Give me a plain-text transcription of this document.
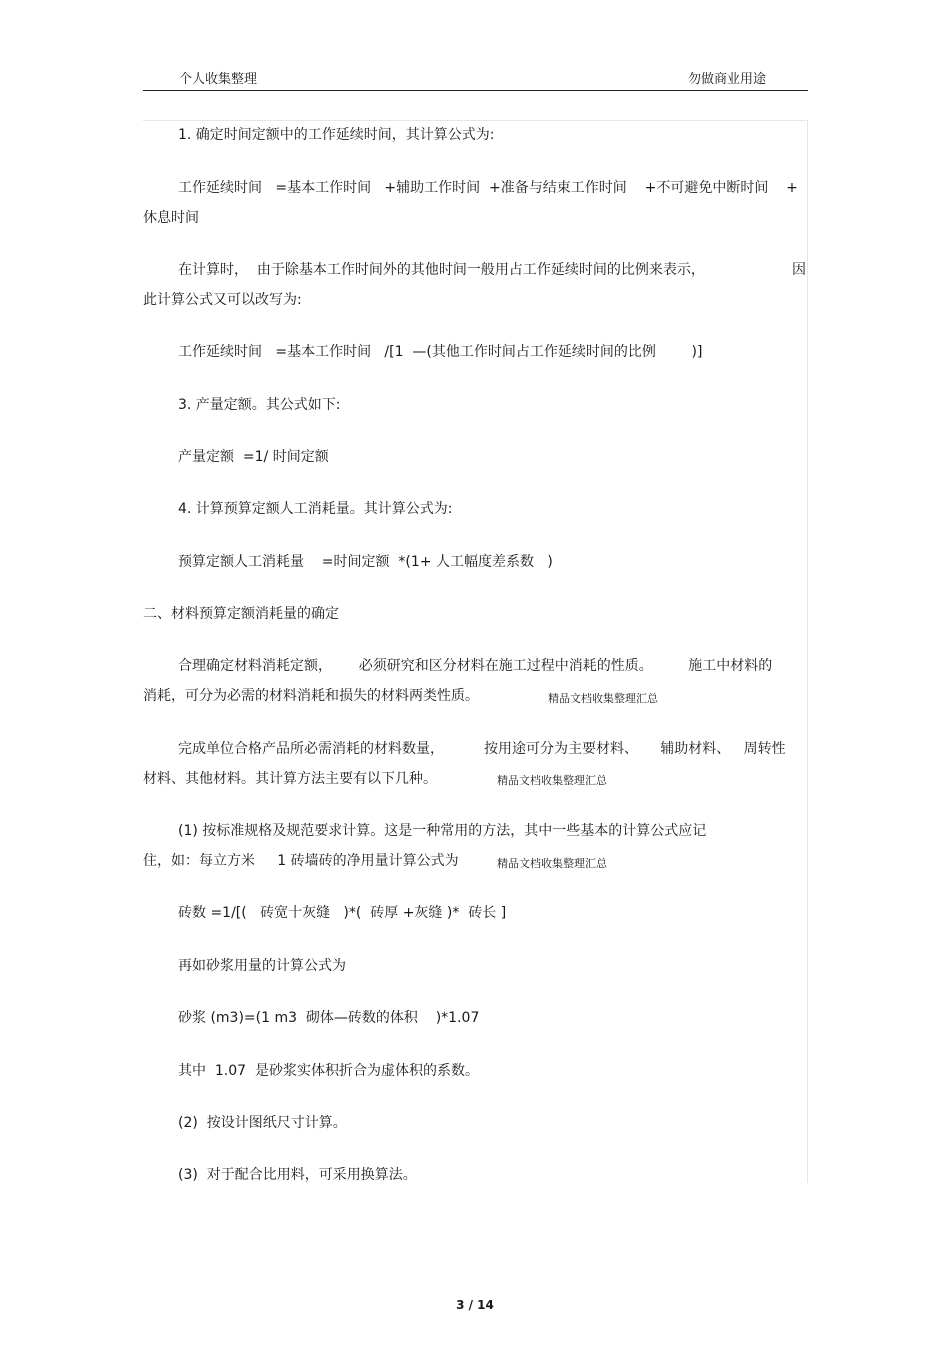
个人收集整理	勿做商业用途
1. 确定时间定额中的工作延续时间，其计算公式为:
工作延续时间   =基本工作时间   +辅助工作时间  +准备与结束工作时间    +不可避免中断时间    +
休息时间
在计算时，  由于除基本工作时间外的其他时间一般用占工作延续时间的比例来表示，	因
此计算公式又可以改写为:
工作延续时间   =基本工作时间   /[1  —(其他工作时间占工作延续时间的比例        )]
3. 产量定额。其公式如下:
产量定额  =1/ 时间定额
4. 计算预算定额人工消耗量。其计算公式为:
预算定额人工消耗量    =时间定额  *(1+ 人工幅度差系数   )
二、材料预算定额消耗量的确定
合理确定材料消耗定额，      必须研究和区分材料在施工过程中消耗的性质。        施工中材料的
消耗，可分为必需的材料消耗和损失的材料两类性质。	精品文档收集整理汇总
完成单位合格产品所必需消耗的材料数量，         按用途可分为主要材料、     辅助材料、   周转性
材料、其他材料。其计算方法主要有以下几种。	精品文档收集整理汇总
(1) 按标准规格及规范要求计算。这是一种常用的方法，其中一些基本的计算公式应记
住，如：每立方米     1 砖墙砖的净用量计算公式为	精品文档收集整理汇总
砖数 =1/[(   砖宽十灰缝   )*(  砖厚 +灰缝 )*  砖长 ]
再如砂浆用量的计算公式为
砂浆 (m3)=(1 m3  砌体—砖数的体积    )*1.07
其中  1.07  是砂浆实体积折合为虚体积的系数。
(2)  按设计图纸尺寸计算。
(3)  对于配合比用料，可采用换算法。
3 / 14
